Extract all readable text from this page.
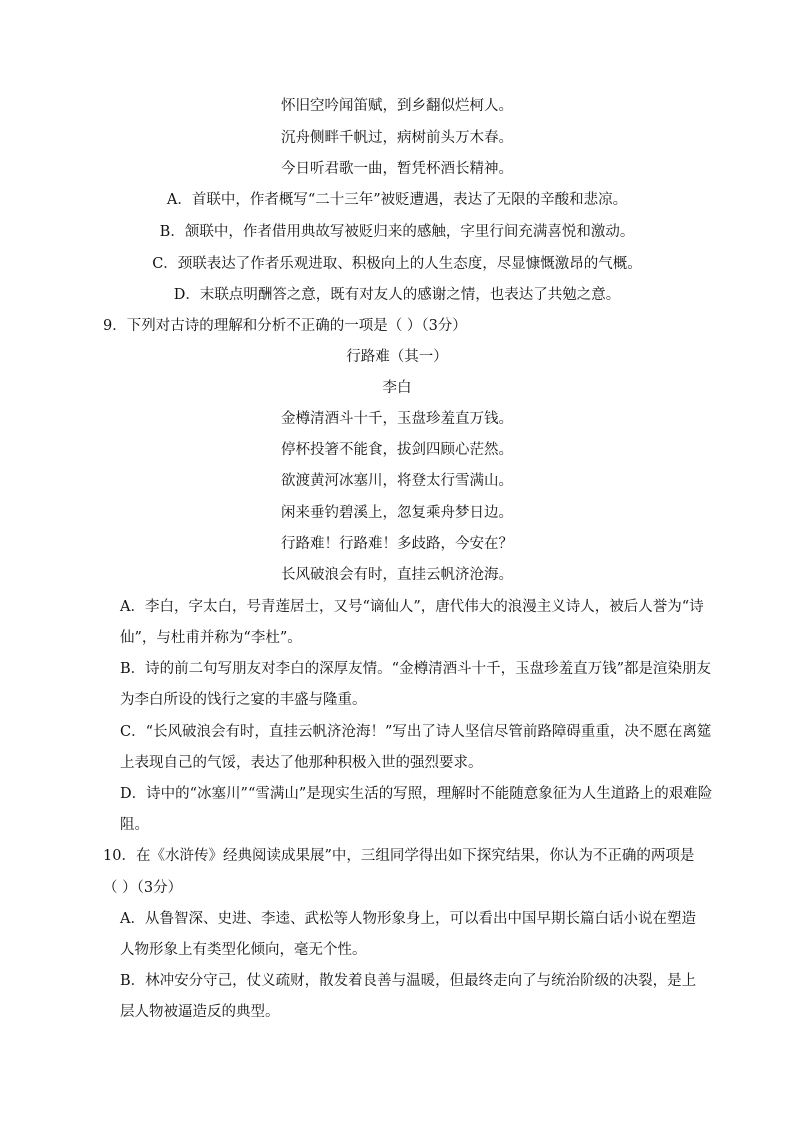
怀旧空吟闻笛赋，到乡翻似烂柯人。
沉舟侧畔千帆过，病树前头万木春。
今日听君歌一曲，暂凭杯酒长精神。
A．首联中，作者概写“二十三年”被贬遭遇，表达了无限的辛酸和悲凉。
B．颔联中，作者借用典故写被贬归来的感触，字里行间充满喜悦和激动。
C．颈联表达了作者乐观进取、积极向上的人生态度，尽显慷慨激昂的气概。
D．末联点明酬答之意，既有对友人的感谢之情，也表达了共勉之意。
9．下列对古诗的理解和分析不正确的一项是（ ）（3分）
行路难（其一）
李白
金樽清酒斗十千，玉盘珍羞直万钱。
停杯投箸不能食，拔剑四顾心茫然。
欲渡黄河冰塞川，将登太行雪满山。
闲来垂钓碧溪上，忽复乘舟梦日边。
行路难！行路难！多歧路，今安在？
长风破浪会有时，直挂云帆济沧海。
A．李白，字太白，号青莲居士，又号“谪仙人”，唐代伟大的浪漫主义诗人，被后人誉为“诗
仙”，与杜甫并称为“李杜”。
B．诗的前二句写朋友对李白的深厚友情。“金樽清酒斗十千，玉盘珍羞直万钱”都是渲染朋友
为李白所设的饯行之宴的丰盛与隆重。
C．“长风破浪会有时，直挂云帆济沧海！”写出了诗人坚信尽管前路障碍重重，决不愿在离筵
上表现自己的气馁，表达了他那种积极入世的强烈要求。
D．诗中的“冰塞川”“雪满山”是现实生活的写照，理解时不能随意象征为人生道路上的艰难险
阻。
10．在《水浒传》经典阅读成果展”中，三组同学得出如下探究结果，你认为不正确的两项是
（ ）（3分）
A．从鲁智深、史进、李逵、武松等人物形象身上，可以看出中国早期长篇白话小说在塑造
人物形象上有类型化倾向，毫无个性。
B．林冲安分守己，仗义疏财，散发着良善与温暖，但最终走向了与统治阶级的决裂，是上
层人物被逼造反的典型。
